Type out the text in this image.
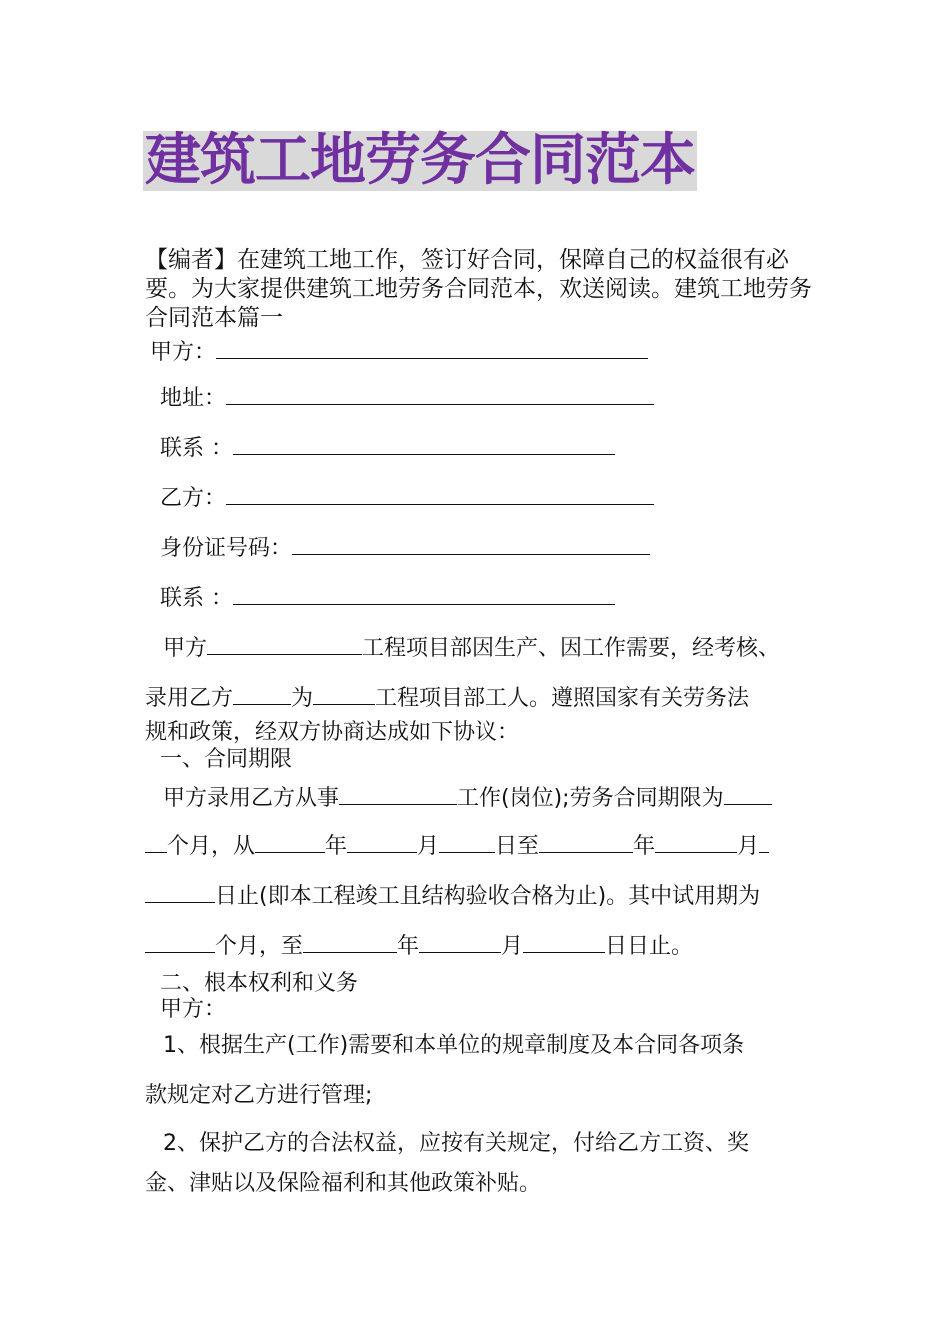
建筑工地劳务合同范本
【编者】在建筑工地工作，签订好合同，保障自己的权益很有必要。为大家提供建筑工地劳务合同范本，欢送阅读。建筑工地劳务合同范本篇一
甲方：
地址：
联系 ：
乙方：
身份证号码：
联系 ：
甲方	工程项目部因生产、因工作需要，经考核、
录用乙方	为	工程项目部工人。遵照国家有关劳务法
规和政策，经双方协商达成如下协议：
一、合同期限
甲方录用乙方从事	工作(岗位);劳务合同期限为
个月，从	年	月	日至	年	月
日止(即本工程竣工且结构验收合格为止)。其中试用期为
个月，至	年	月	日日止。
二、根本权利和义务
甲方：
1、根据生产(工作)需要和本单位的规章制度及本合同各项条
款规定对乙方进行管理;
2、保护乙方的合法权益，应按有关规定，付给乙方工资、奖
金、津贴以及保险福利和其他政策补贴。
